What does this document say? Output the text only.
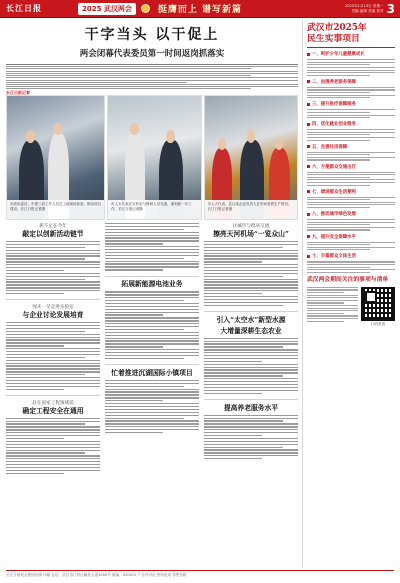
长江日报	2025 武汉两会	挺膺而上 谱写新篇	2025年1月13日 星期一
责编 编辑 美编 校对 3
干字当头 以干促上
两会闭幕代表委员第一时间返岗抓落实
长江日报记者
市政协委员、中建三局工作人员在工地现场检查，推动项目建设。长江日报记者摄
市人大代表在实验室与科研人员交流，谋划新一年工作。长江日报记者摄
市人大代表、武汉某企业负责人在车间查看生产情况。长江日报记者摄
新不止在今年
敲定以创新活动链节
闻未一早走进实验室
与企业讨论发展培育
赶在国家工程领域前
确定工程安全在通用
拓展新能源电池业务
忙着推进沉湖国际小镇项目
让城市与群居交流
擦亮天河机场“一览众山”
引入“太空水”新型水源
大增量深耕生态农业
提高养老服务水平
武汉市2025年
民生实事项目
一、呵护少年儿童健康成长
二、加强养老服务保障
三、提升医疗保障服务
四、优化就业创业服务
五、完善住房保障
六、方便群众交通出行
七、增进群众生活便利
八、推动城市绿色发展
九、提升安全保障水平
十、丰富群众文体生活
武汉两会期间关注的事项与清单
扫码查看
长江日报报业集团出版 印刷 社址：武汉市江岸区解放大道1000号 邮编：430015 广告许可证 热线电话 零售价格
